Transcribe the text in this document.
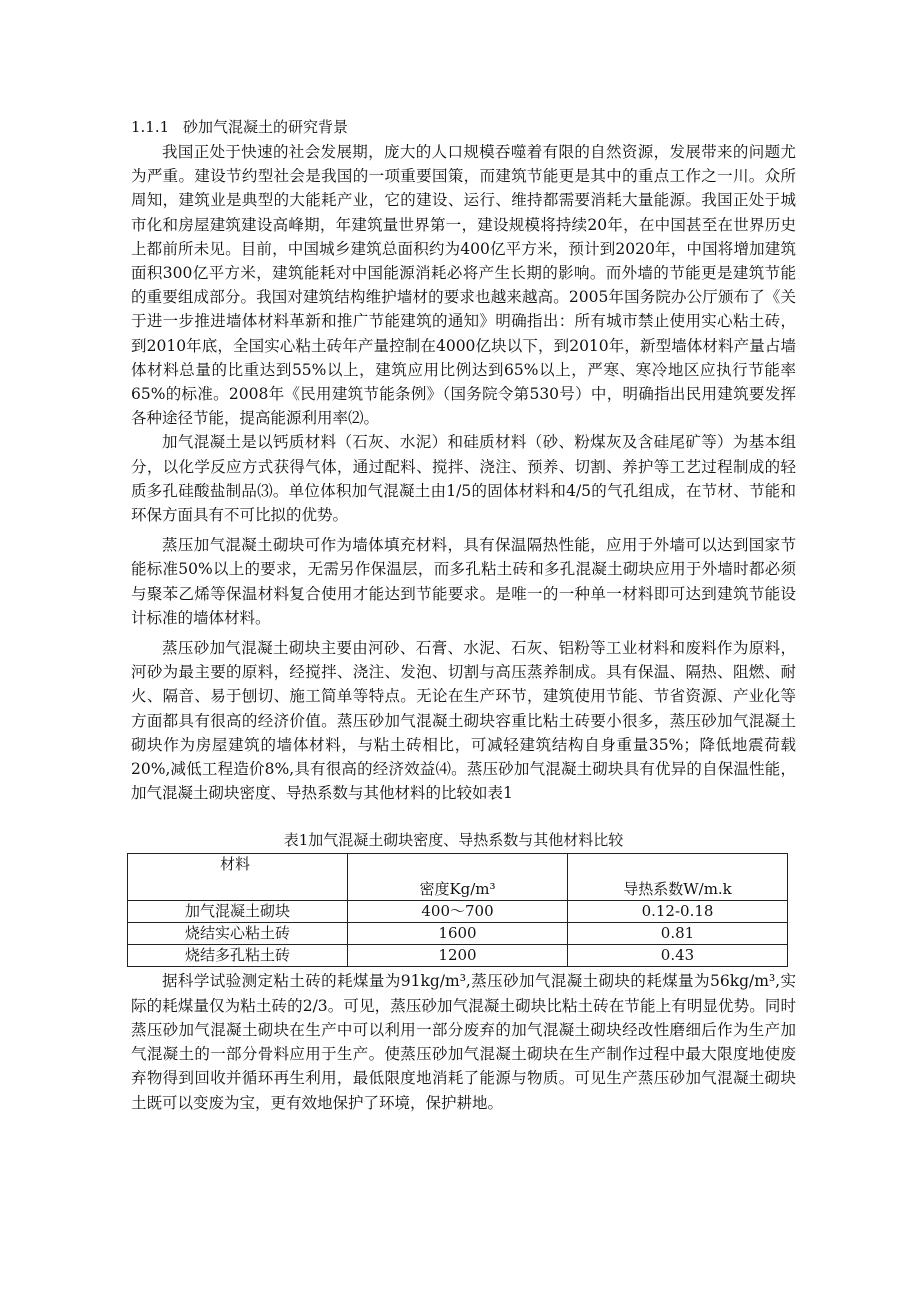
1.1.1 砂加气混凝土的研究背景

我国正处于快速的社会发展期，庞大的人口规模吞噬着有限的自然资源，发展带来的问题尤为严重。建设节约型社会是我国的一项重要国策，而建筑节能更是其中的重点工作之一川。众所周知，建筑业是典型的大能耗产业，它的建设、运行、维持都需要消耗大量能源。我国正处于城市化和房屋建筑建设高峰期，年建筑量世界第一，建设规模将持续20年，在中国甚至在世界历史上都前所未见。目前，中国城乡建筑总面积约为400亿平方米，预计到2020年，中国将增加建筑面积300亿平方米，建筑能耗对中国能源消耗必将产生长期的影响。而外墙的节能更是建筑节能的重要组成部分。我国对建筑结构维护墙材的要求也越来越高。2005年国务院办公厅颁布了《关于进一步推进墙体材料革新和推广节能建筑的通知》明确指出：所有城市禁止使用实心粘土砖，到2010年底，全国实心粘土砖年产量控制在4000亿块以下，到2010年，新型墙体材料产量占墙体材料总量的比重达到55%以上，建筑应用比例达到65%以上，严寒、寒冷地区应执行节能率65%的标准。2008年《民用建筑节能条例》（国务院令第530号）中，明确指出民用建筑要发挥各种途径节能，提高能源利用率⑵。

加气混凝土是以钙质材料（石灰、水泥）和硅质材料（砂、粉煤灰及含硅尾矿等）为基本组分，以化学反应方式获得气体，通过配料、搅拌、浇注、预养、切割、养护等工艺过程制成的轻质多孔硅酸盐制品⑶。单位体积加气混凝土由1/5的固体材料和4/5的气孔组成，在节材、节能和环保方面具有不可比拟的优势。

蒸压加气混凝土砌块可作为墙体填充材料，具有保温隔热性能，应用于外墙可以达到国家节能标准50%以上的要求，无需另作保温层，而多孔粘土砖和多孔混凝土砌块应用于外墙时都必须与聚苯乙烯等保温材料复合使用才能达到节能要求。是唯一的一种单一材料即可达到建筑节能设计标准的墙体材料。

蒸压砂加气混凝土砌块主要由河砂、石膏、水泥、石灰、铝粉等工业材料和废料作为原料，河砂为最主要的原料，经搅拌、浇注、发泡、切割与高压蒸养制成。具有保温、隔热、阻燃、耐火、隔音、易于刨切、施工简单等特点。无论在生产环节，建筑使用节能、节省资源、产业化等方面都具有很高的经济价值。蒸压砂加气混凝土砌块容重比粘土砖要小很多，蒸压砂加气混凝土砌块作为房屋建筑的墙体材料，与粘土砖相比，可减轻建筑结构自身重量35%；降低地震荷载20%,减低工程造价8%,具有很高的经济效益⑷。蒸压砂加气混凝土砌块具有优异的自保温性能，加气混凝土砌块密度、导热系数与其他材料的比较如表1

表1加气混凝土砌块密度、导热系数与其他材料比较

材料	密度Kg/m³	导热系数W/m.k
加气混凝土砌块	400～700	0.12-0.18
烧结实心粘土砖	1600	0.81
烧结多孔粘土砖	1200	0.43

据科学试验测定粘土砖的耗煤量为91kg/m³,蒸压砂加气混凝土砌块的耗煤量为56kg/m³,实际的耗煤量仅为粘土砖的2/3。可见，蒸压砂加气混凝土砌块比粘土砖在节能上有明显优势。同时蒸压砂加气混凝土砌块在生产中可以利用一部分废弃的加气混凝土砌块经改性磨细后作为生产加气混凝土的一部分骨料应用于生产。使蒸压砂加气混凝土砌块在生产制作过程中最大限度地使废弃物得到回收并循环再生利用，最低限度地消耗了能源与物质。可见生产蒸压砂加气混凝土砌块土既可以变废为宝，更有效地保护了环境，保护耕地。
